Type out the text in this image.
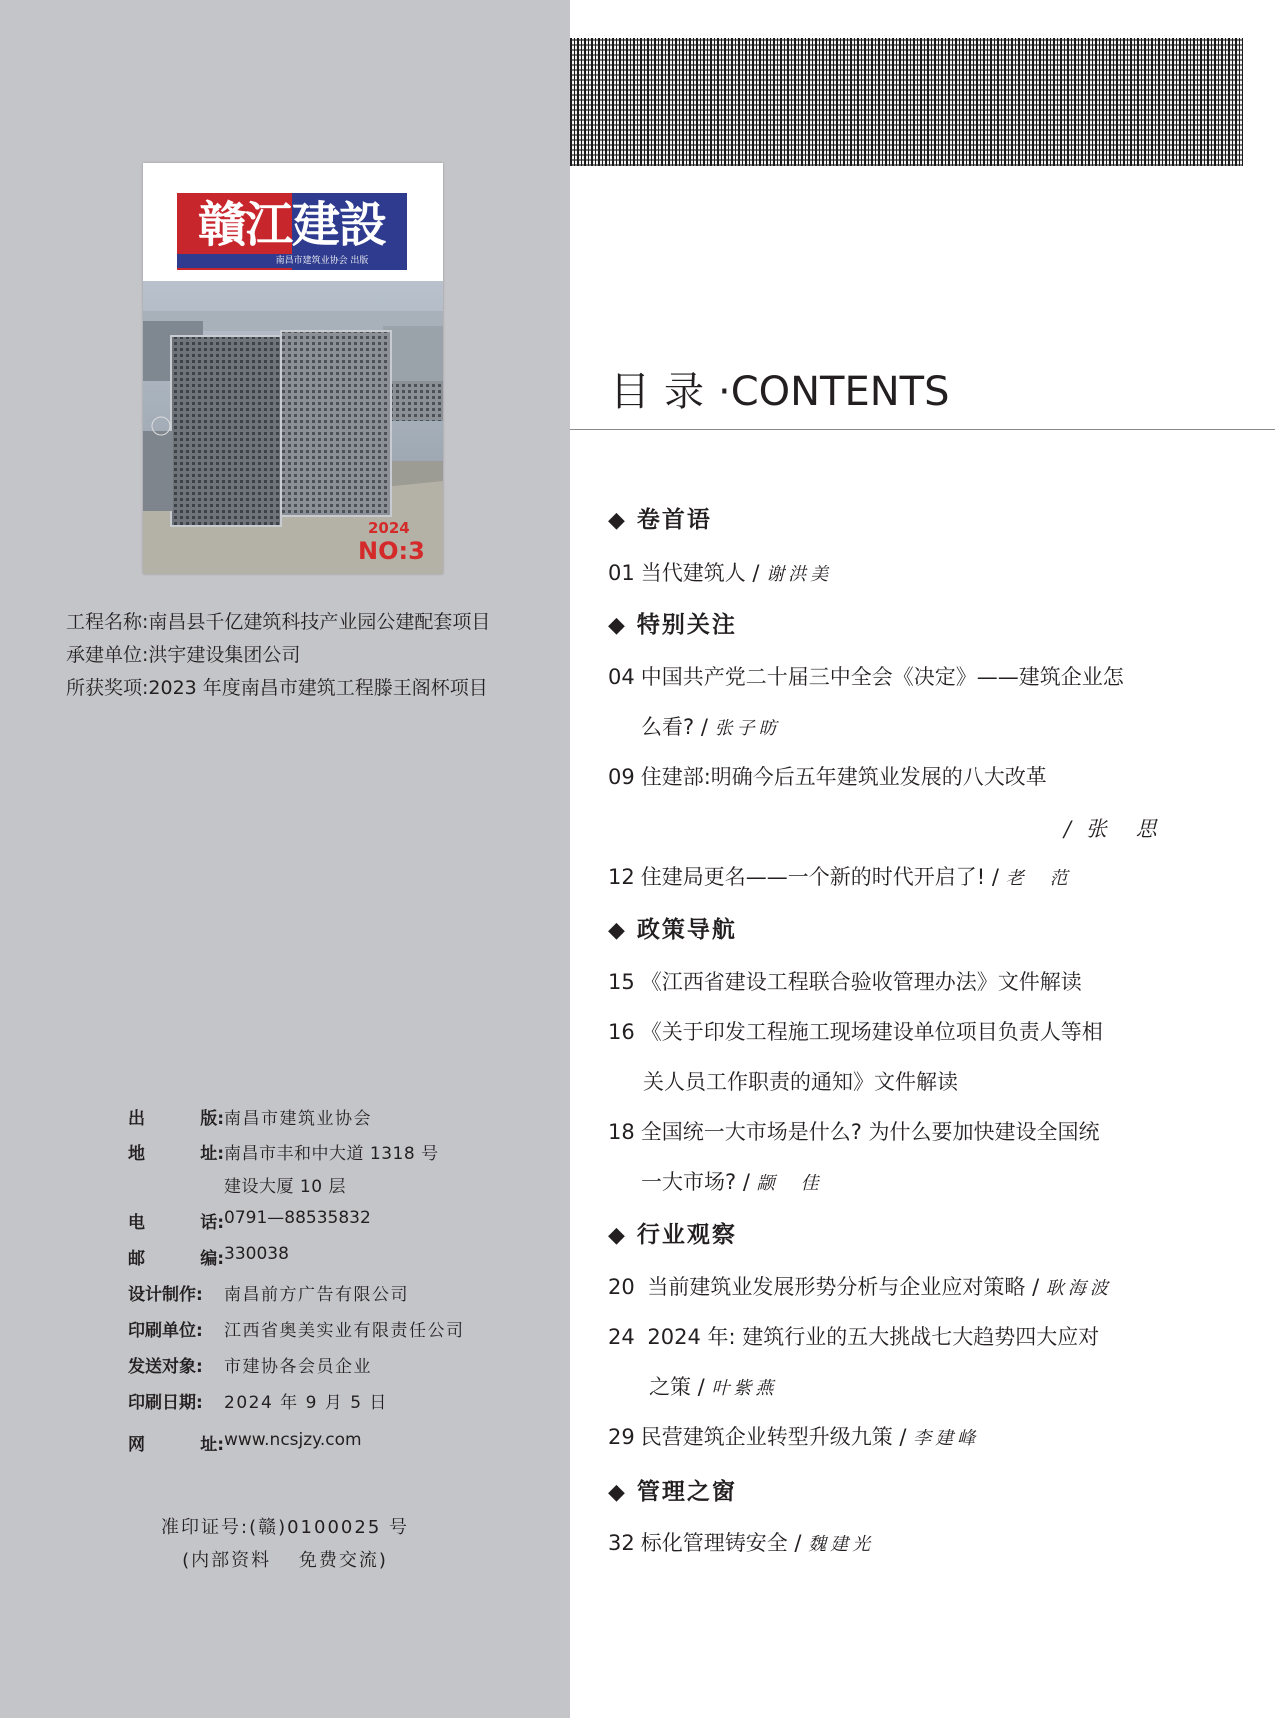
贛江建設
南昌市建筑业协会 出版
2024
NO:3
工程名称:南昌县千亿建筑科技产业园公建配套项目
承建单位:洪宇建设集团公司
所获奖项:2023 年度南昌市建筑工程滕王阁杯项目
出	版: 南昌市建筑业协会
地	址: 南昌市丰和中大道 1318 号
建设大厦 10 层
电	话: 0791—88535832
邮	编: 330038
设计制作:	南昌前方广告有限公司
印刷单位:	江西省奥美实业有限责任公司
发送对象:	市建协各会员企业
印刷日期:	2024 年 9 月 5 日
网	址: www.ncsjzy.com
准印证号:(赣)0100025 号
(内部资料　 免费交流)
目录·CONTENTS
◆ 卷首语
01 当代建筑人 / 谢洪美
◆ 特别关注
04 中国共产党二十届三中全会《决定》——建筑企业怎
么看? / 张子昉
09 住建部:明确今后五年建筑业发展的八大改革
/ 张　思
12 住建局更名——一个新的时代开启了! / 老　范
◆ 政策导航
15 《江西省建设工程联合验收管理办法》文件解读
16 《关于印发工程施工现场建设单位项目负责人等相
关人员工作职责的通知》文件解读
18 全国统一大市场是什么? 为什么要加快建设全国统
一大市场? / 颛　佳
◆ 行业观察
20 当前建筑业发展形势分析与企业应对策略 / 耿海波
24 2024 年: 建筑行业的五大挑战七大趋势四大应对
之策 / 叶紫燕
29 民营建筑企业转型升级九策 / 李建峰
◆ 管理之窗
32 标化管理铸安全 / 魏建光
